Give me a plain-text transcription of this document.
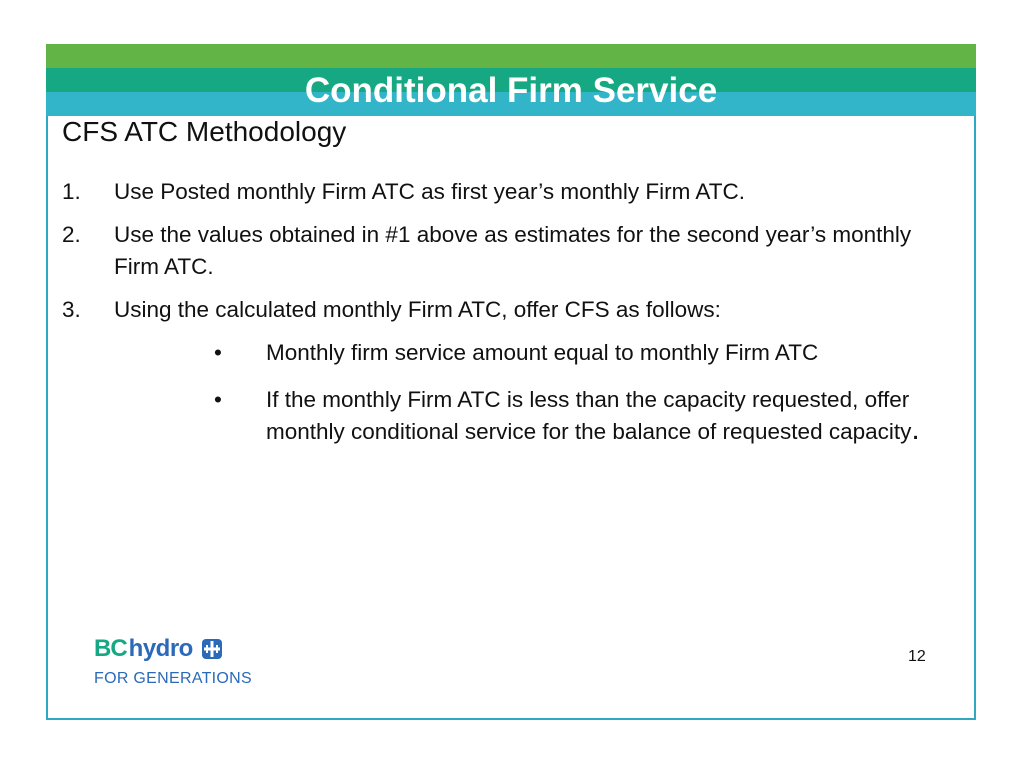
Conditional Firm Service
CFS ATC Methodology
1. Use Posted monthly Firm ATC as first year’s monthly Firm ATC.
2. Use the values obtained in #1 above as estimates for the second year’s monthly Firm ATC.
3. Using the calculated monthly Firm ATC, offer CFS as follows:
• Monthly firm service amount equal to monthly Firm ATC
• If the monthly Firm ATC is less than the capacity requested, offer monthly conditional service for the balance of requested capacity.
BC hydro
FOR GENERATIONS
12
